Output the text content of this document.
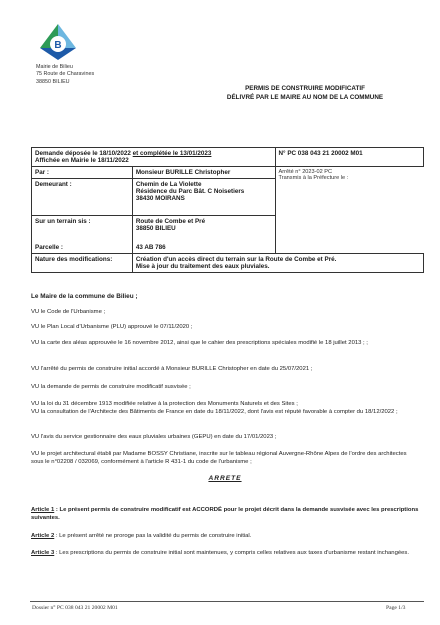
B
Mairie de Bilieu
75 Route de Charavines
38850 BILIEU
PERMIS DE CONSTRUIRE MODIFICATIF
DÉLIVRÉ PAR LE MAIRE AU NOM DE LA COMMUNE
Demande déposée le 18/10/2022 et complétée le 13/01/2023
Affichée en Mairie le 18/11/2022		N° PC 038 043 21 20002 M01
Par :	Monsieur BURILLE Christopher	Arrêté n° 2023-02 PC
Transmis à la Préfecture le :

Demeurant :	Chemin de La Violette
Résidence du Parc Bât. C Noisetiers
38430 MOIRANS	

Sur un terrain sis :	Route de Combe et Pré
38850 BILIEU	

Parcelle :	43 AB 786	
Nature des modifications:	Création d'un accès direct du terrain sur la Route de Combe et Pré.
Mise à jour du traitement des eaux pluviales.	
Le Maire de la commune de Bilieu ;
VU le Code de l'Urbanisme ;
VU le Plan Local d'Urbanisme (PLU) approuvé le 07/11/2020 ;
VU la carte des aléas approuvée le 16 novembre 2012, ainsi que le cahier des prescriptions spéciales modifié le 18 juillet 2013 ; ;
VU l'arrêté du permis de construire initial accordé à Monsieur BURILLE Christopher en date du 25/07/2021 ;
VU la demande de permis de construire modificatif susvisée ;
VU la loi du 31 décembre 1913 modifiée relative à la protection des Monuments Naturels et des Sites ;
VU la consultation de l'Architecte des Bâtiments de France en date du 18/11/2022, dont l'avis est réputé favorable à compter du 18/12/2022 ;
VU l'avis du service gestionnaire des eaux pluviales urbaines (GEPU) en date du 17/01/2023 ;
VU le projet architectural établi par Madame BOSSY Christiane, inscrite sur le tableau régional Auvergne-Rhône Alpes de l'ordre des architectes sous le n°02208 / 032069, conformément à l'article R 431-1 du code de l'urbanisme ;
ARRETE
Article 1 : Le présent permis de construire modificatif est ACCORDÉ pour le projet décrit dans la demande susvisée avec les prescriptions suivantes.
Article 2 : Le présent arrêté ne proroge pas la validité du permis de construire initial.
Article 3 : Les prescriptions du permis de construire initial sont maintenues, y compris celles relatives aux taxes d'urbanisme restant inchangées.
Dossier n° PC 038 043 21 20002 M01	Page 1/3
